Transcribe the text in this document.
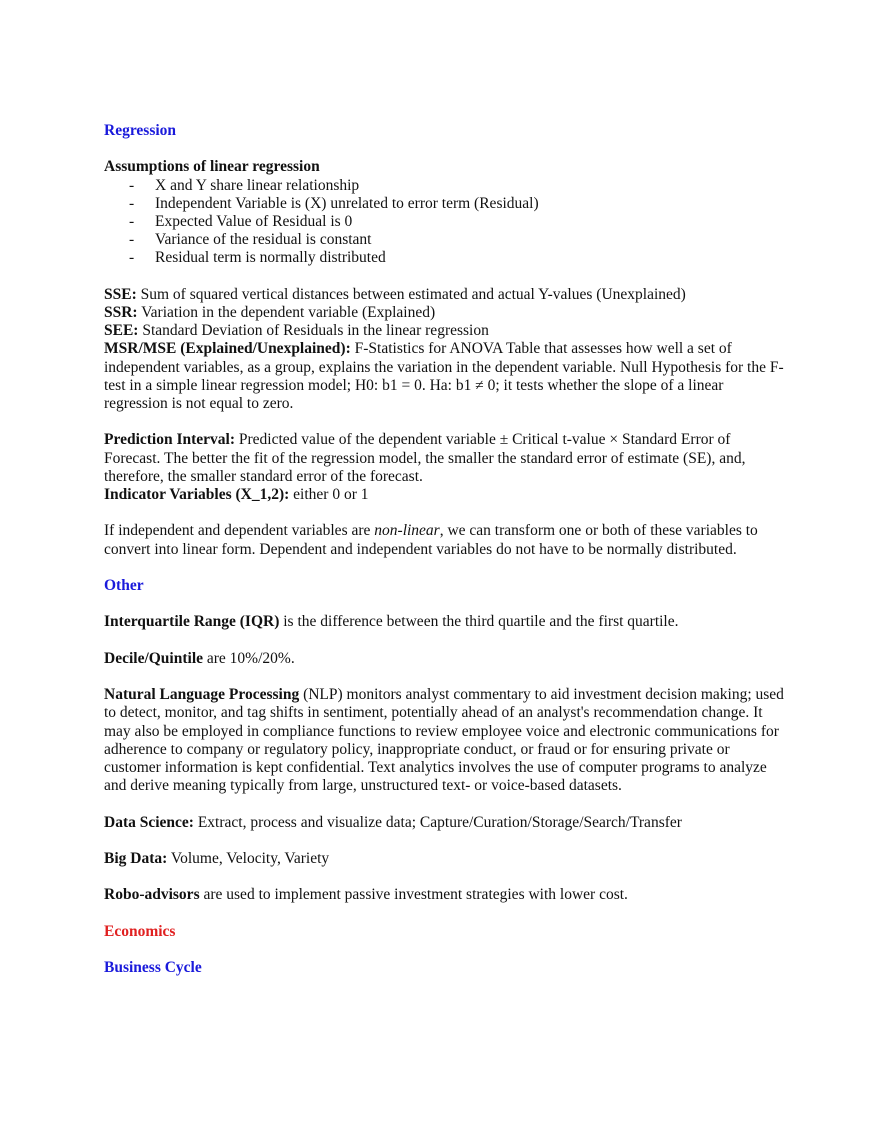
Regression

Assumptions of linear regression

- X and Y share linear relationship
- Independent Variable is (X) unrelated to error term (Residual)
- Expected Value of Residual is 0
- Variance of the residual is constant
- Residual term is normally distributed

SSE: Sum of squared vertical distances between estimated and actual Y-values (Unexplained)

SSR: Variation in the dependent variable (Explained)

SEE: Standard Deviation of Residuals in the linear regression

MSR/MSE (Explained/Unexplained): F-Statistics for ANOVA Table that assesses how well a set of independent variables, as a group, explains the variation in the dependent variable. Null Hypothesis for the F-test in a simple linear regression model; H0: b1 = 0. Ha: b1 ≠ 0; it tests whether the slope of a linear regression is not equal to zero.

Prediction Interval: Predicted value of the dependent variable ± Critical t-value × Standard Error of Forecast. The better the fit of the regression model, the smaller the standard error of estimate (SE), and, therefore, the smaller standard error of the forecast.

Indicator Variables (X_1,2): either 0 or 1

If independent and dependent variables are non-linear, we can transform one or both of these variables to convert into linear form. Dependent and independent variables do not have to be normally distributed.

Other

Interquartile Range (IQR) is the difference between the third quartile and the first quartile.

Decile/Quintile are 10%/20%.

Natural Language Processing (NLP) monitors analyst commentary to aid investment decision making; used to detect, monitor, and tag shifts in sentiment, potentially ahead of an analyst's recommendation change. It may also be employed in compliance functions to review employee voice and electronic communications for adherence to company or regulatory policy, inappropriate conduct, or fraud or for ensuring private or customer information is kept confidential. Text analytics involves the use of computer programs to analyze and derive meaning typically from large, unstructured text- or voice-based datasets.

Data Science: Extract, process and visualize data; Capture/Curation/Storage/Search/Transfer

Big Data: Volume, Velocity, Variety

Robo-advisors are used to implement passive investment strategies with lower cost.

Economics

Business Cycle
